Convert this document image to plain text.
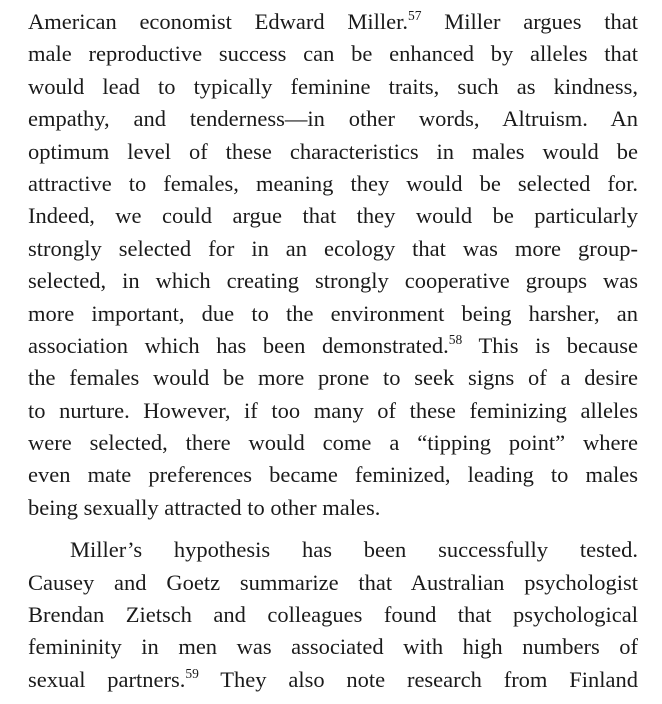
American economist Edward Miller.$^{57}$ Miller argues that
male reproductive success can be enhanced by alleles that
would lead to typically feminine traits, such as kindness,
empathy, and tenderness—in other words, Altruism. An
optimum level of these characteristics in males would be
attractive to females, meaning they would be selected for.
Indeed, we could argue that they would be particularly
strongly selected for in an ecology that was more group-
selected, in which creating strongly cooperative groups was
more important, due to the environment being harsher, an
association which has been demonstrated.$^{58}$ This is because
the females would be more prone to seek signs of a desire
to nurture. However, if too many of these feminizing alleles
were selected, there would come a “tipping point” where
even mate preferences became feminized, leading to males
being sexually attracted to other males.
Miller’s hypothesis has been successfully tested.
Causey and Goetz summarize that Australian psychologist
Brendan Zietsch and colleagues found that psychological
femininity in men was associated with high numbers of
sexual partners.$^{59}$ They also note research from Finland
